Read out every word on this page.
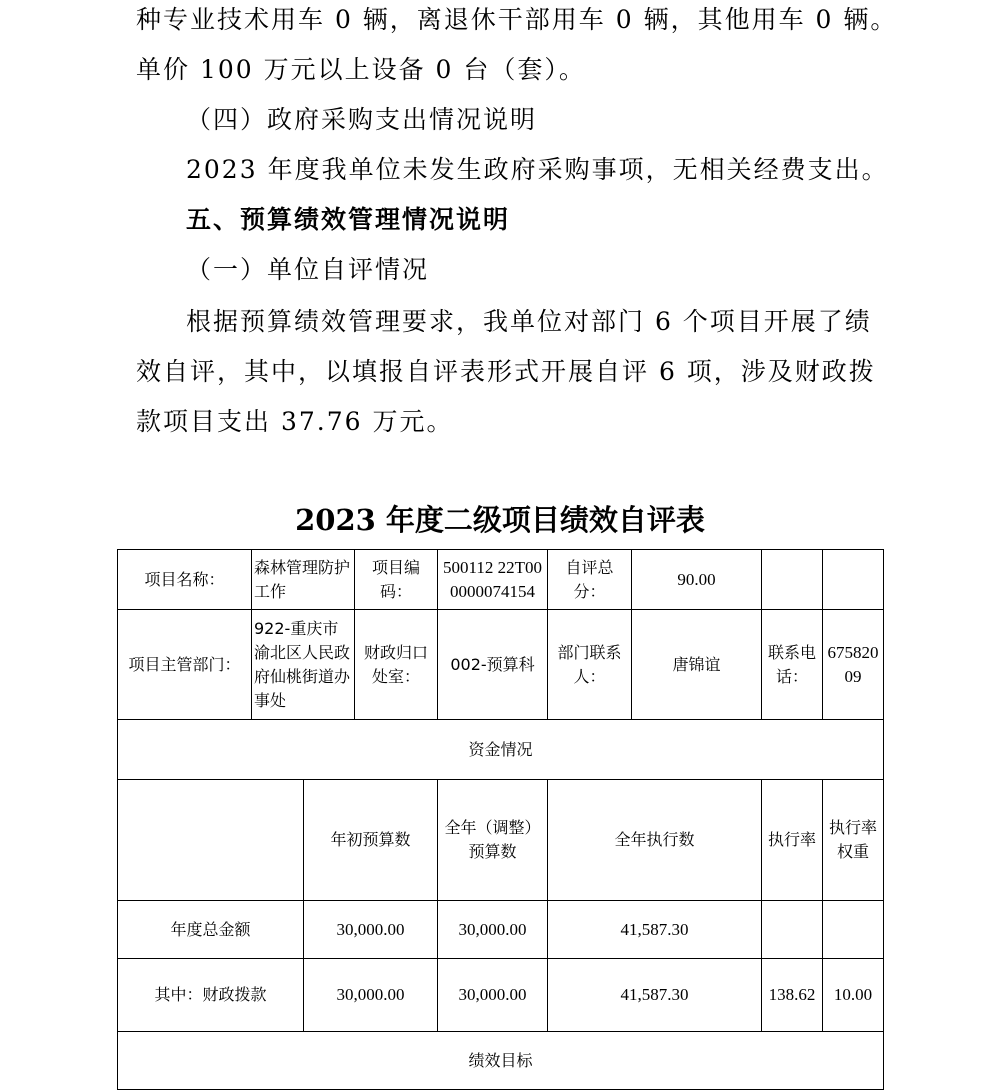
种专业技术用车 0 辆，离退休干部用车 0 辆，其他用车 0 辆。

单价 100 万元以上设备 0 台（套）。

（四）政府采购支出情况说明

2023 年度我单位未发生政府采购事项，无相关经费支出。

五、预算绩效管理情况说明

（一）单位自评情况

根据预算绩效管理要求，我单位对部门 6 个项目开展了绩

效自评，其中，以填报自评表形式开展自评 6 项，涉及财政拨

款项目支出 37.76 万元。

2023 年度二级项目绩效自评表
项目名称：	森林管理防护工作		项目编码：	500112 22T000000074154	自评总分：	90.00			
项目主管部门：	922-重庆市渝北区人民政府仙桃街道办事处		财政归口处室：	002-预算科	部门联系人：	唐锦谊	联系电话：	67582009	
资金情况									
		年初预算数		全年（调整）预算数	全年执行数		执行率	执行率权重	
年度总金额		30,000.00		30,000.00	41,587.30				
其中：财政拨款		30,000.00		30,000.00	41,587.30		138.62	10.00	
绩效目标									
